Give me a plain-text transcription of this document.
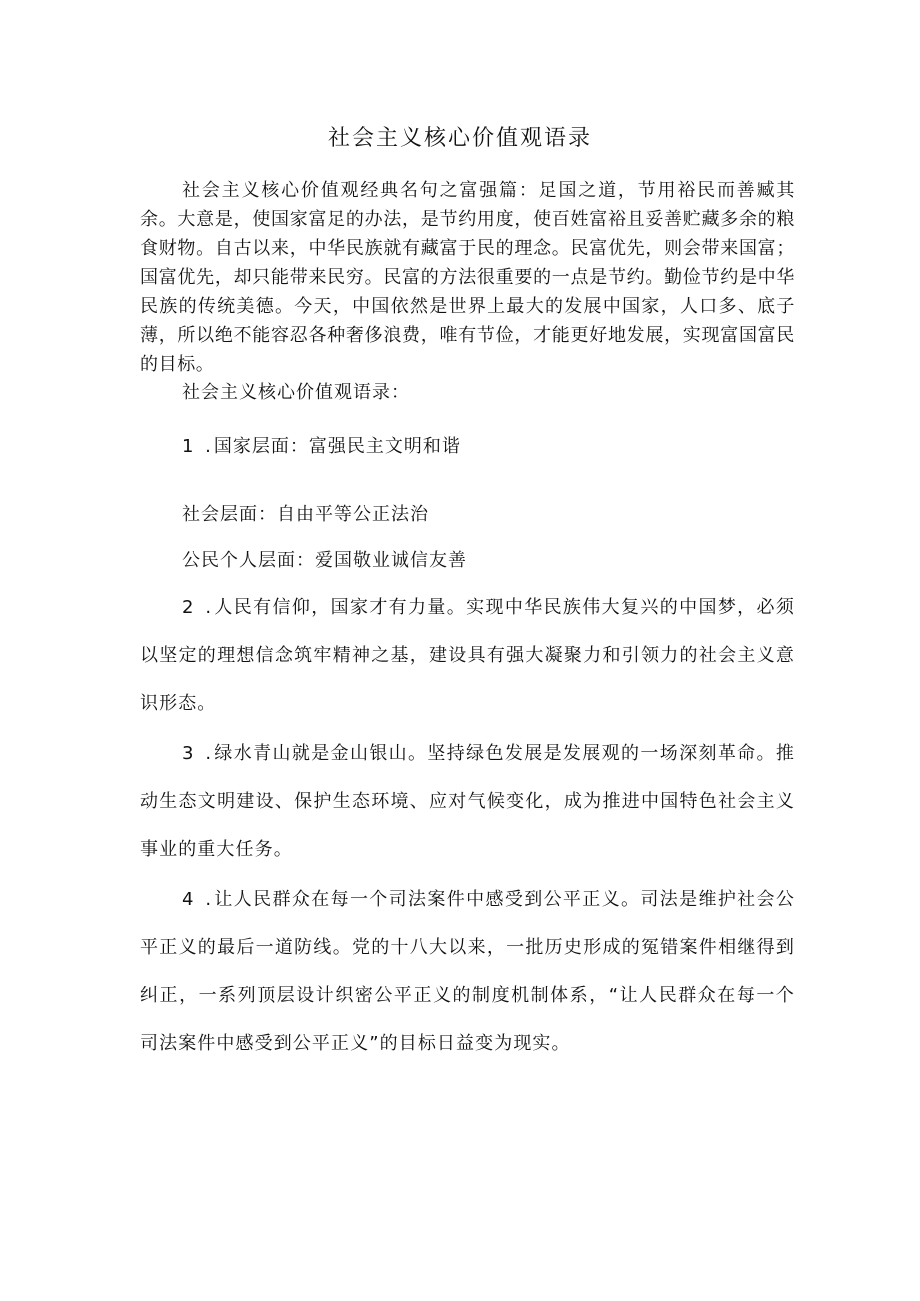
社会主义核心价值观语录

社会主义核心价值观经典名句之富强篇：足国之道，节用裕民而善臧其余。大意是，使国家富足的办法，是节约用度，使百姓富裕且妥善贮藏多余的粮食财物。自古以来，中华民族就有藏富于民的理念。民富优先，则会带来国富；国富优先，却只能带来民穷。民富的方法很重要的一点是节约。勤俭节约是中华民族的传统美德。今天，中国依然是世界上最大的发展中国家，人口多、底子薄，所以绝不能容忍各种奢侈浪费，唯有节俭，才能更好地发展，实现富国富民的目标。

社会主义核心价值观语录：

1 .国家层面：富强民主文明和谐

社会层面：自由平等公正法治

公民个人层面：爱国敬业诚信友善

2 .人民有信仰，国家才有力量。实现中华民族伟大复兴的中国梦，必须以坚定的理想信念筑牢精神之基，建设具有强大凝聚力和引领力的社会主义意识形态。

3 .绿水青山就是金山银山。坚持绿色发展是发展观的一场深刻革命。推动生态文明建设、保护生态环境、应对气候变化，成为推进中国特色社会主义事业的重大任务。

4 .让人民群众在每一个司法案件中感受到公平正义。司法是维护社会公平正义的最后一道防线。党的十八大以来，一批历史形成的冤错案件相继得到纠正，一系列顶层设计织密公平正义的制度机制体系，“让人民群众在每一个司法案件中感受到公平正义”的目标日益变为现实。
